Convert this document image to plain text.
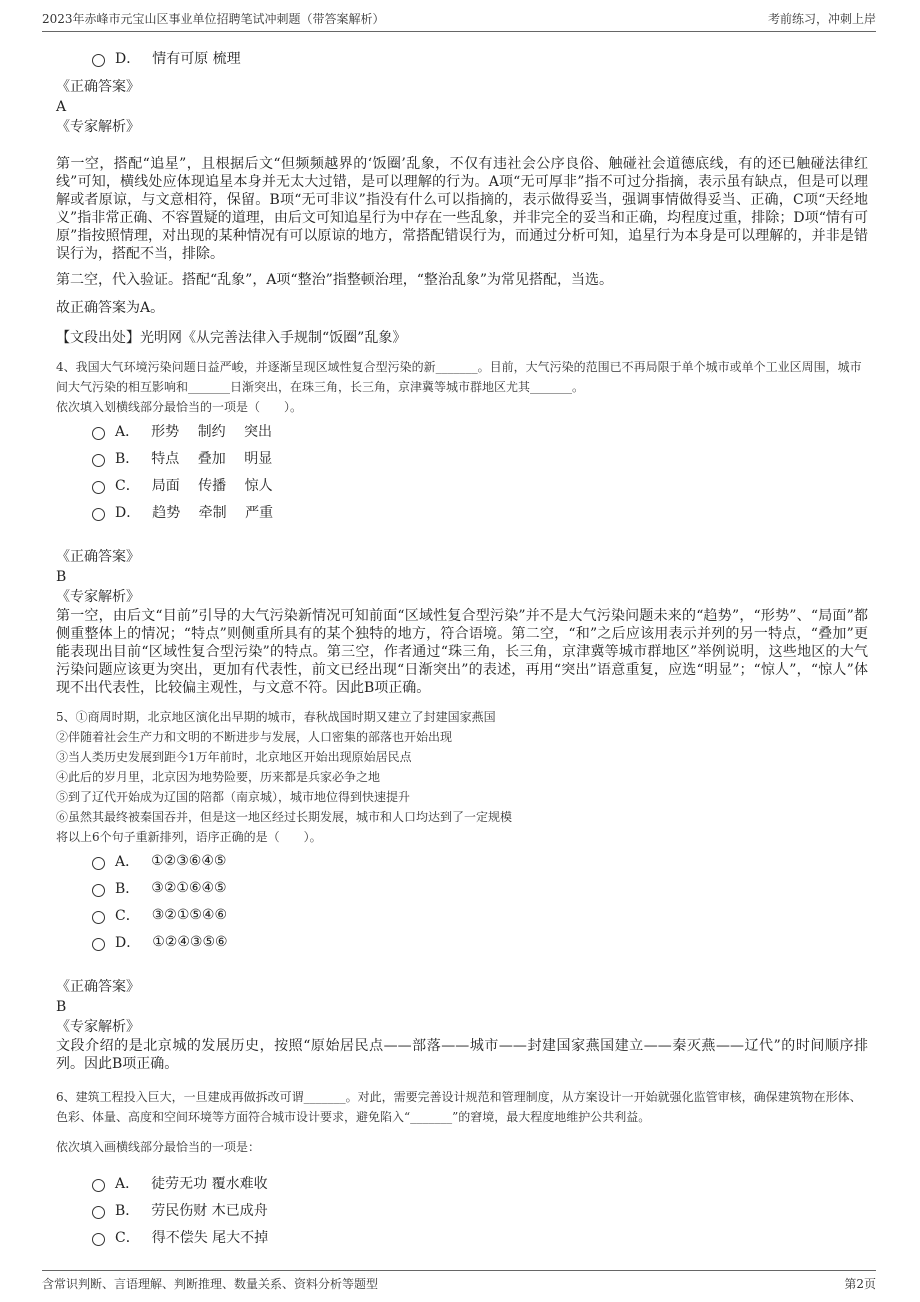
2023年赤峰市元宝山区事业单位招聘笔试冲刺题（带答案解析）	考前练习，冲刺上岸
D． 情有可原 梳理
《正确答案》
A
《专家解析》
第一空，搭配“追星”，且根据后文“但频频越界的‘饭圈’乱象，不仅有违社会公序良俗、触碰社会道德底线，有的还已触碰法律红线”可知，横线处应体现追星本身并无太大过错，是可以理解的行为。A项“无可厚非”指不可过分指摘，表示虽有缺点，但是可以理解或者原谅，与文意相符，保留。B项“无可非议”指没有什么可以指摘的，表示做得妥当，强调事情做得妥当、正确，C项“天经地义”指非常正确、不容置疑的道理，由后文可知追星行为中存在一些乱象，并非完全的妥当和正确，均程度过重，排除；D项“情有可原”指按照情理，对出现的某种情况有可以原谅的地方，常搭配错误行为，而通过分析可知，追星行为本身是可以理解的，并非是错误行为，搭配不当，排除。
第二空，代入验证。搭配“乱象”，A项“整治”指整顿治理，“整治乱象”为常见搭配，当选。
故正确答案为A。
【文段出处】光明网《从完善法律入手规制“饭圈”乱象》
4、我国大气环境污染问题日益严峻，并逐渐呈现区域性复合型污染的新_______。目前，大气污染的范围已不再局限于单个城市或单个工业区周围，城市间大气污染的相互影响和_______日渐突出，在珠三角，长三角，京津冀等城市群地区尤其_______。
依次填入划横线部分最恰当的一项是（　　）。
A． 形势　 制约　 突出
B． 特点　 叠加　 明显
C． 局面　 传播　 惊人
D． 趋势　 牵制　 严重
《正确答案》
B
《专家解析》
第一空，由后文“目前”引导的大气污染新情况可知前面“区域性复合型污染”并不是大气污染问题未来的“趋势”，“形势”、“局面”都侧重整体上的情况；“特点”则侧重所具有的某个独特的地方，符合语境。第二空，“和”之后应该用表示并列的另一特点，“叠加”更能表现出目前“区域性复合型污染”的特点。第三空，作者通过“珠三角，长三角，京津冀等城市群地区”举例说明，这些地区的大气污染问题应该更为突出，更加有代表性，前文已经出现“日渐突出”的表述，再用“突出”语意重复，应选“明显”；“惊人”，“惊人”体现不出代表性，比较偏主观性，与文意不符。因此B项正确。
5、①商周时期，北京地区演化出早期的城市，春秋战国时期又建立了封建国家燕国
②伴随着社会生产力和文明的不断进步与发展，人口密集的部落也开始出现
③当人类历史发展到距今1万年前时，北京地区开始出现原始居民点
④此后的岁月里，北京因为地势险要，历来都是兵家必争之地
⑤到了辽代开始成为辽国的陪都（南京城），城市地位得到快速提升
⑥虽然其最终被秦国吞并，但是这一地区经过长期发展，城市和人口均达到了一定规模
将以上6个句子重新排列，语序正确的是（　　）。
A． ①②③⑥④⑤
B． ③②①⑥④⑤
C． ③②①⑤④⑥
D． ①②④③⑤⑥
《正确答案》
B
《专家解析》
文段介绍的是北京城的发展历史，按照“原始居民点——部落——城市——封建国家燕国建立——秦灭燕——辽代”的时间顺序排列。因此B项正确。
6、建筑工程投入巨大，一旦建成再做拆改可谓_______。对此，需要完善设计规范和管理制度，从方案设计一开始就强化监管审核，确保建筑物在形体、色彩、体量、高度和空间环境等方面符合城市设计要求，避免陷入“_______”的窘境，最大程度地维护公共利益。
依次填入画横线部分最恰当的一项是：
A． 徒劳无功 覆水难收
B． 劳民伤财 木已成舟
C． 得不偿失 尾大不掉
含常识判断、言语理解、判断推理、数量关系、资料分析等题型	第2页
